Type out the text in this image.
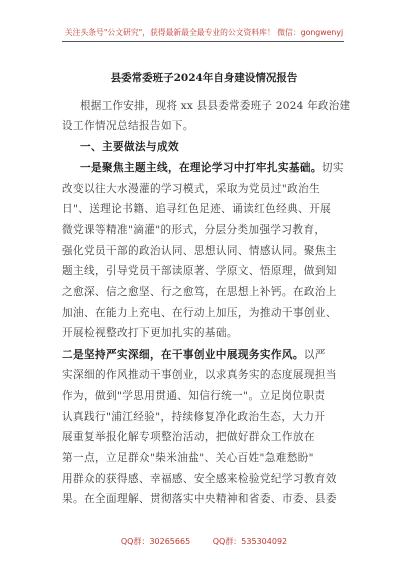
关注头条号"公文研究"，获得最新最全最专业的公文资料库！ 微信：gongwenyj
县委常委班子2024年自身建设情况报告
根据工作安排，现将 xx 县县委常委班子 2024 年政治建
设工作情况总结报告如下。
一、主要做法与成效
一是聚焦主题主线，在理论学习中打牢扎实基础。切实
改变以往大水漫灌的学习模式，采取为党员过"政治生
日"、送理论书籍、追寻红色足迹、诵读红色经典、开展
微党课等精准"滴灌"的形式，分层分类加强学习教育，
强化党员干部的政治认同、思想认同、情感认同。聚焦主
题主线，引导党员干部读原著、学原文、悟原理，做到知
之愈深、信之愈坚、行之愈笃，在思想上补钙。在政治上
加油、在能力上充电、在行动上加压，为推动干事创业、
开展检视整改打下更加扎实的基础。
二是坚持严实深细，在干事创业中展现务实作风。以严
实深细的作风推动干事创业，以求真务实的态度展现担当
作为，做到"学思用贯通、知信行统一"。立足岗位职责
认真践行"浦江经验"，持续修复净化政治生态，大力开
展重复举报化解专项整治活动，把做好群众工作放在
第一点，立足群众"柴米油盐"、关心百姓"急难愁盼"
用群众的获得感、幸福感、安全感来检验党纪学习教育效
果。在全面理解、贯彻落实中央精神和省委、市委、县委
QQ群：30265665	QQ群：535304092
